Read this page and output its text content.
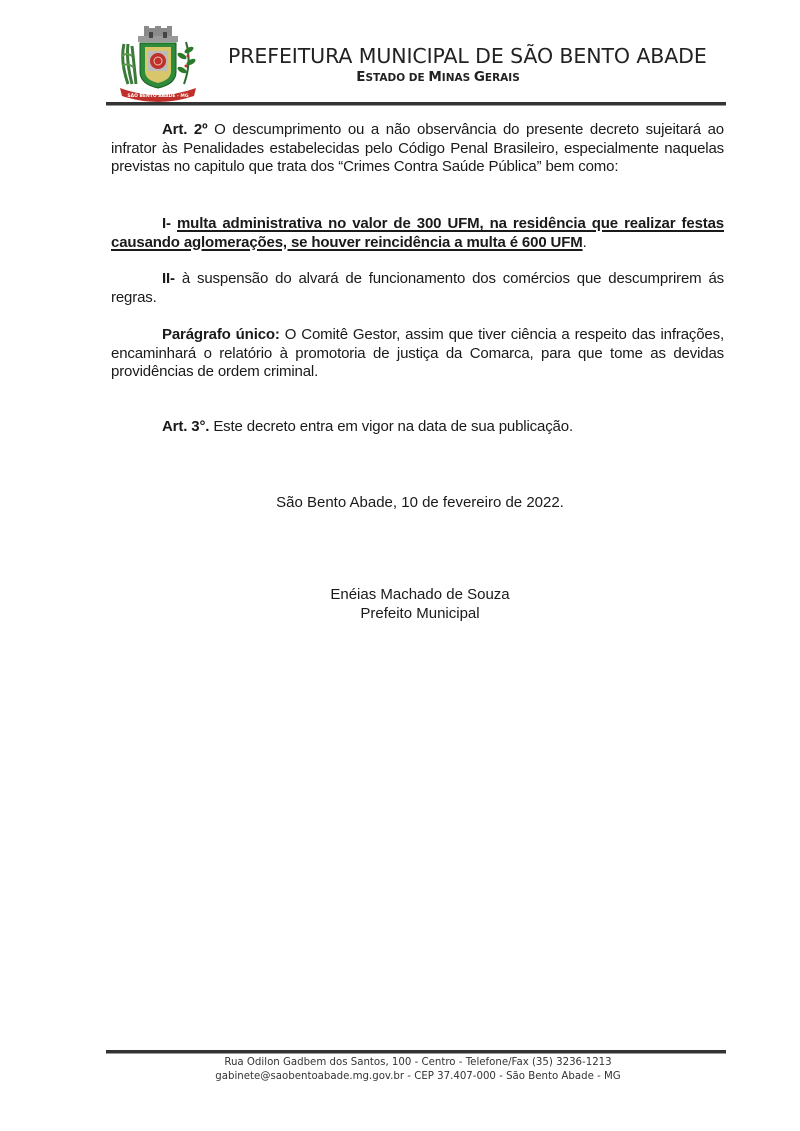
SÃO BENTO ABADE - MG
PREFEITURA MUNICIPAL DE SÃO BENTO ABADE
ESTADO DE MINAS GERAIS

Art. 2º O descumprimento ou a não observância do presente decreto sujeitará ao infrator às Penalidades estabelecidas pelo Código Penal Brasileiro, especialmente naquelas previstas no capitulo que trata dos “Crimes Contra Saúde Pública” bem como:

I- multa administrativa no valor de 300 UFM, na residência que realizar festas causando aglomerações, se houver reincidência a multa é 600 UFM.

II- à suspensão do alvará de funcionamento dos comércios que descumprirem ás regras.

Parágrafo único: O Comitê Gestor, assim que tiver ciência a respeito das infrações, encaminhará o relatório à promotoria de justiça da Comarca, para que tome as devidas providências de ordem criminal.

Art. 3°. Este decreto entra em vigor na data de sua publicação.

São Bento Abade, 10 de fevereiro de 2022.
Enéias Machado de Souza
Prefeito Municipal
Rua Odilon Gadbem dos Santos, 100 - Centro - Telefone/Fax (35) 3236-1213
gabinete@saobentoabade.mg.gov.br - CEP 37.407-000 - São Bento Abade - MG
